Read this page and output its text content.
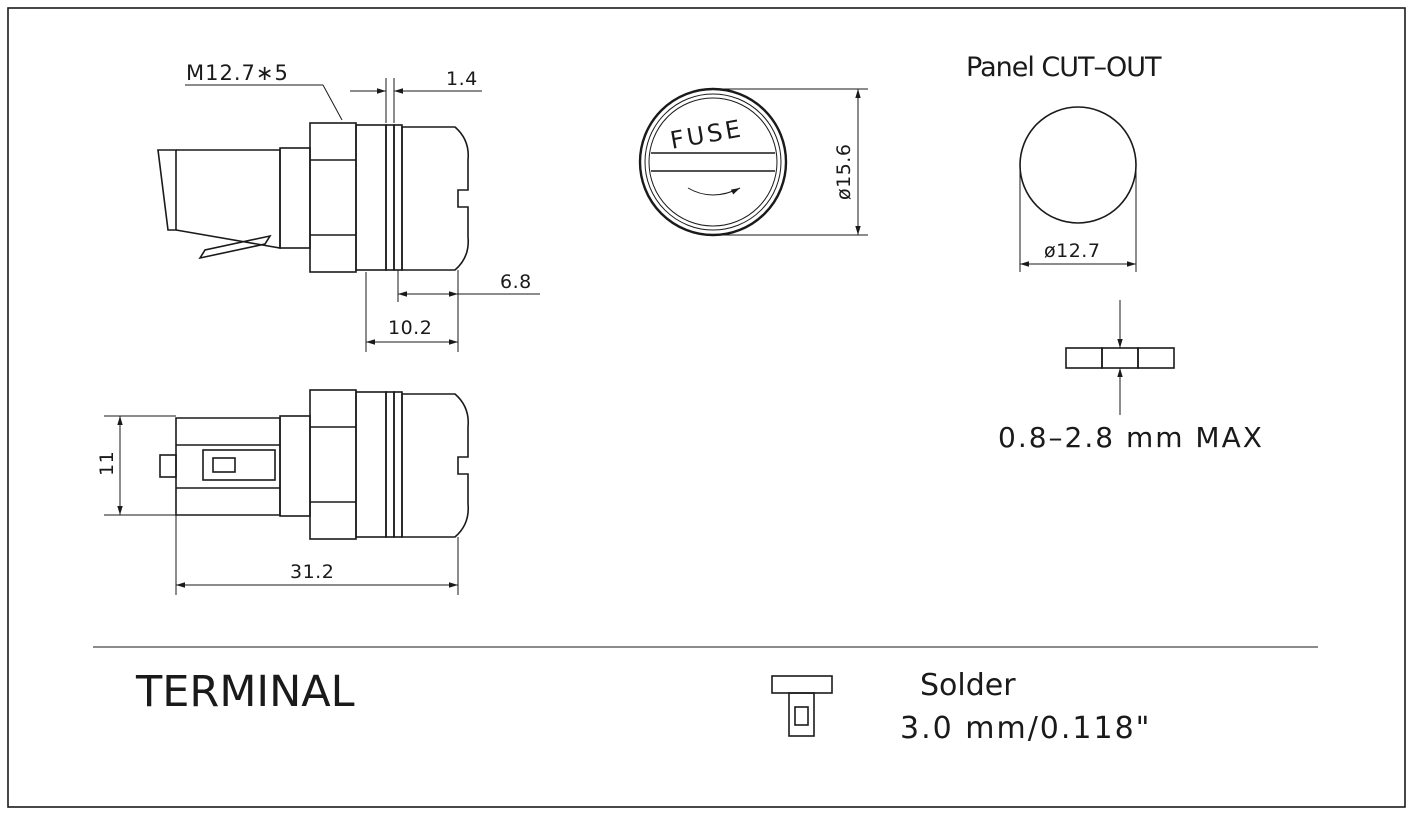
M12.7∗5	1.4
6.8
10.2
11
31.2
FUSE
ø15.6
Panel CUT–OUT
ø12.7
0.8–2.8 mm MAX
TERMINAL	Solder
3.0 mm/0.118"
